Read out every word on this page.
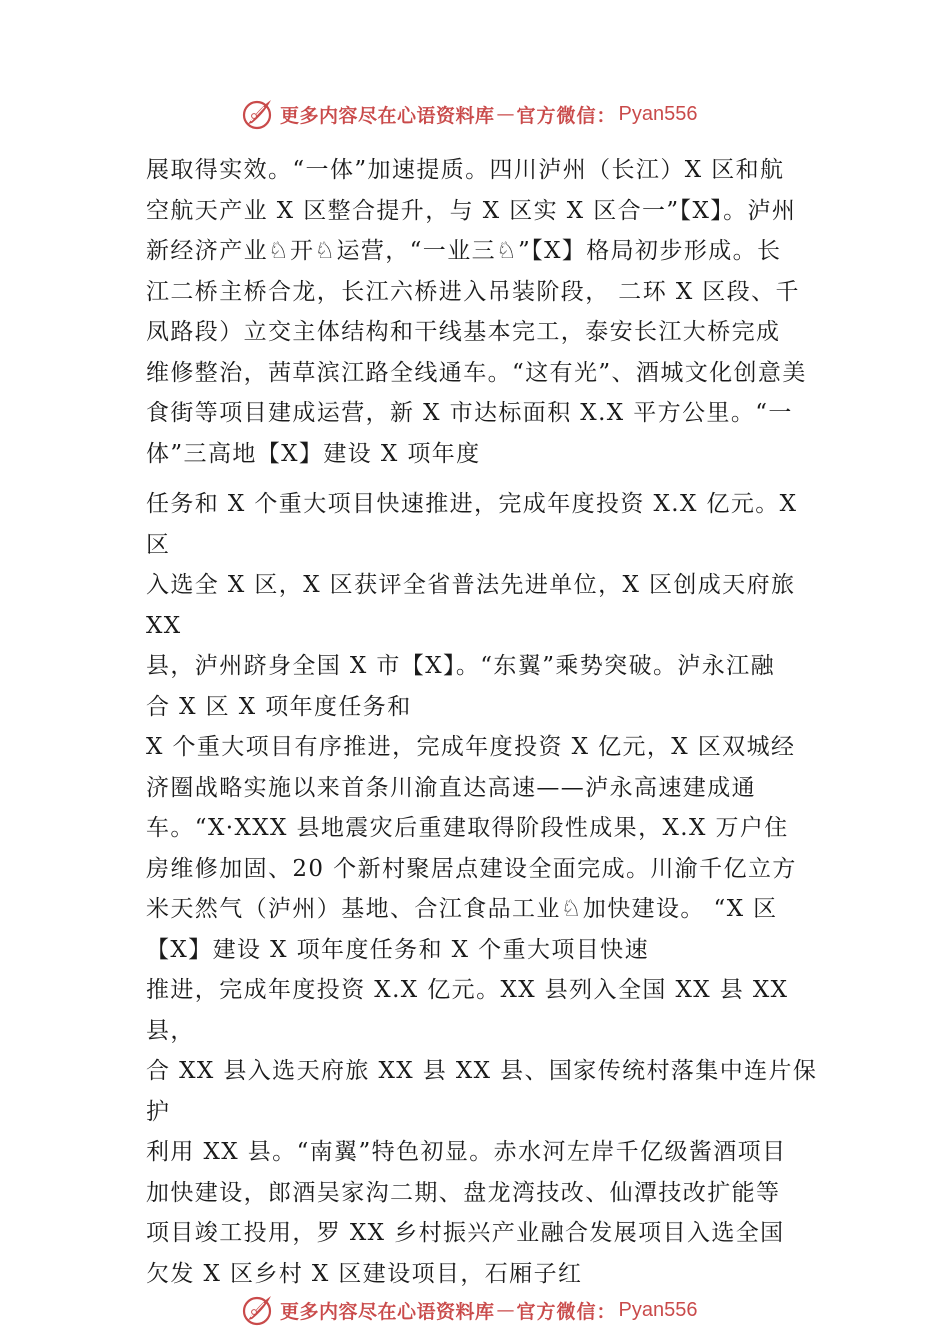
更多内容尽在心语资料库 — 官方微信： Pyan556

展取得实效。“一体”加速提质。四川泸州（长江）X 区和航
空航天产业 X 区整合提升，与 X 区实 X 区合一”【X】。泸州
新经济产业♘开♘运营，“一业三♘”【X】格局初步形成。长
江二桥主桥合龙，长江六桥进入吊装阶段， 二环 X 区段、千
凤路段）立交主体结构和干线基本完工，泰安长江大桥完成
维修整治，茜草滨江路全线通车。“这有光”、酒城文化创意美
食街等项目建成运营，新 X 市达标面积 X.X 平方公里。“一
体”三高地【X】建设 X 项年度

任务和 X 个重大项目快速推进，完成年度投资 X.X 亿元。X 区
入选全 X 区，X 区获评全省普法先进单位，X 区创成天府旅 XX
县，泸州跻身全国 X 市【X】。“东翼”乘势突破。泸永江融
合 X 区 X 项年度任务和

X 个重大项目有序推进，完成年度投资 X 亿元，X 区双城经
济圈战略实施以来首条川渝直达高速——泸永高速建成通
车。“X·XXX 县地震灾后重建取得阶段性成果，X.X 万户住
房维修加固、20 个新村聚居点建设全面完成。川渝千亿立方
米天然气（泸州）基地、合江食品工业♘加快建设。 “X 区
【X】建设 X 项年度任务和 X 个重大项目快速

推进，完成年度投资 X.X 亿元。XX 县列入全国 XX 县 XX 县，
合 XX 县入选天府旅 XX 县 XX 县、国家传统村落集中连片保护
利用 XX 县。“南翼”特色初显。赤水河左岸千亿级酱酒项目
加快建设，郎酒吴家沟二期、盘龙湾技改、仙潭技改扩能等
项目竣工投用，罗 XX 乡村振兴产业融合发展项目入选全国
欠发 X 区乡村 X 区建设项目，石厢子红

更多内容尽在心语资料库 — 官方微信： Pyan556
